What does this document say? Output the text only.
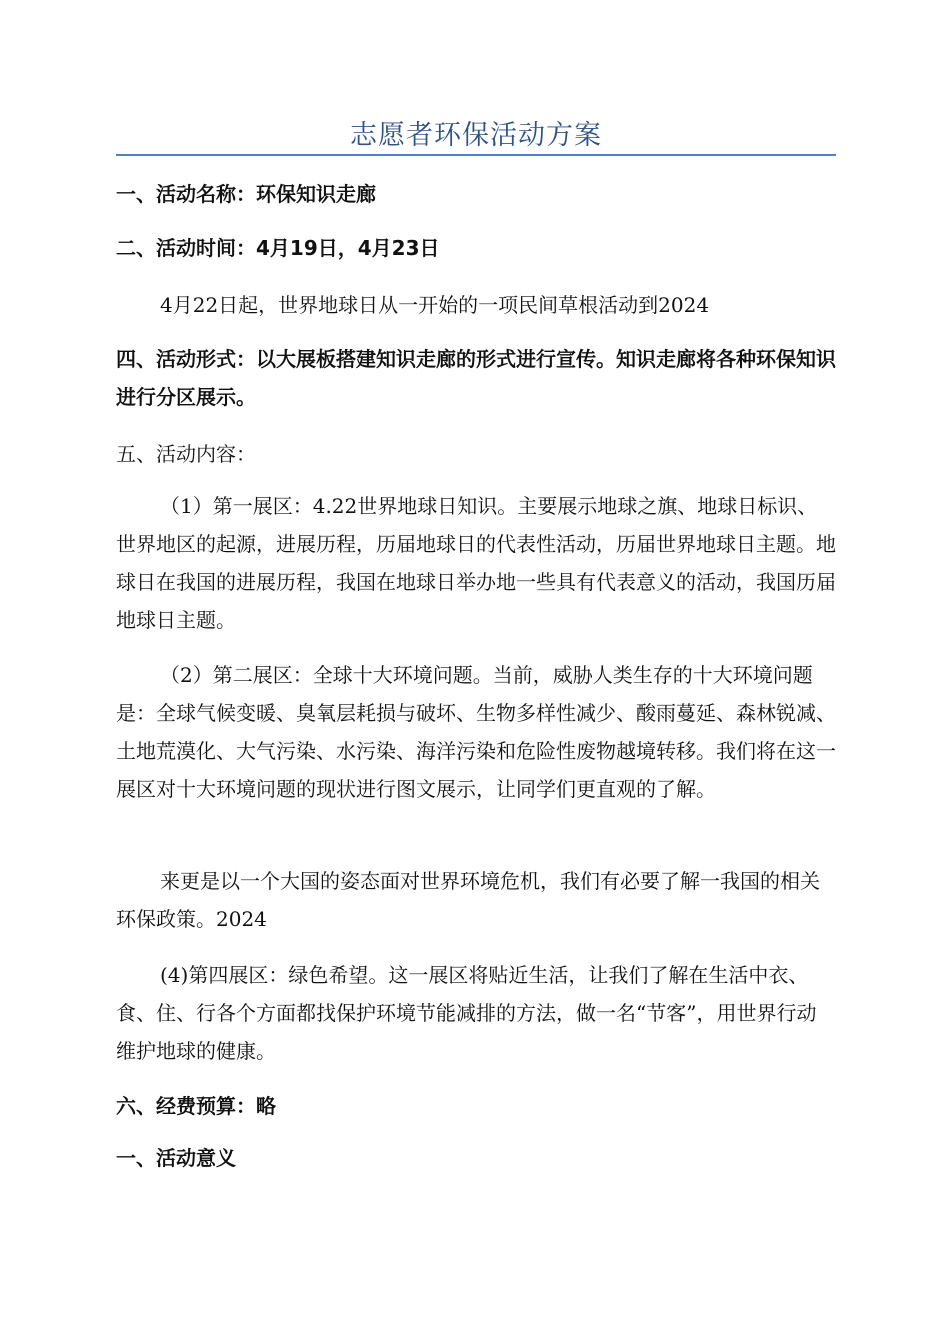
志愿者环保活动方案

一、活动名称：环保知识走廊

二、活动时间：4月19日，4月23日

4月22日起，世界地球日从一开始的一项民间草根活动到2024

四、活动形式：以大展板搭建知识走廊的形式进行宣传。知识走廊将各种环保知识进行分区展示。

五、活动内容：

（1）第一展区：4.22世界地球日知识。主要展示地球之旗、地球日标识、世界地区的起源，进展历程，历届地球日的代表性活动，历届世界地球日主题。地球日在我国的进展历程，我国在地球日举办地一些具有代表意义的活动，我国历届地球日主题。

（2）第二展区：全球十大环境问题。当前，威胁人类生存的十大环境问题是：全球气候变暖、臭氧层耗损与破坏、生物多样性减少、酸雨蔓延、森林锐减、土地荒漠化、大气污染、水污染、海洋污染和危险性废物越境转移。我们将在这一展区对十大环境问题的现状进行图文展示，让同学们更直观的了解。

来更是以一个大国的姿态面对世界环境危机，我们有必要了解一我国的相关环保政策。2024

(4)第四展区：绿色希望。这一展区将贴近生活，让我们了解在生活中衣、食、住、行各个方面都找保护环境节能减排的方法，做一名“节客”，用世界行动维护地球的健康。

六、经费预算：略

一、活动意义
